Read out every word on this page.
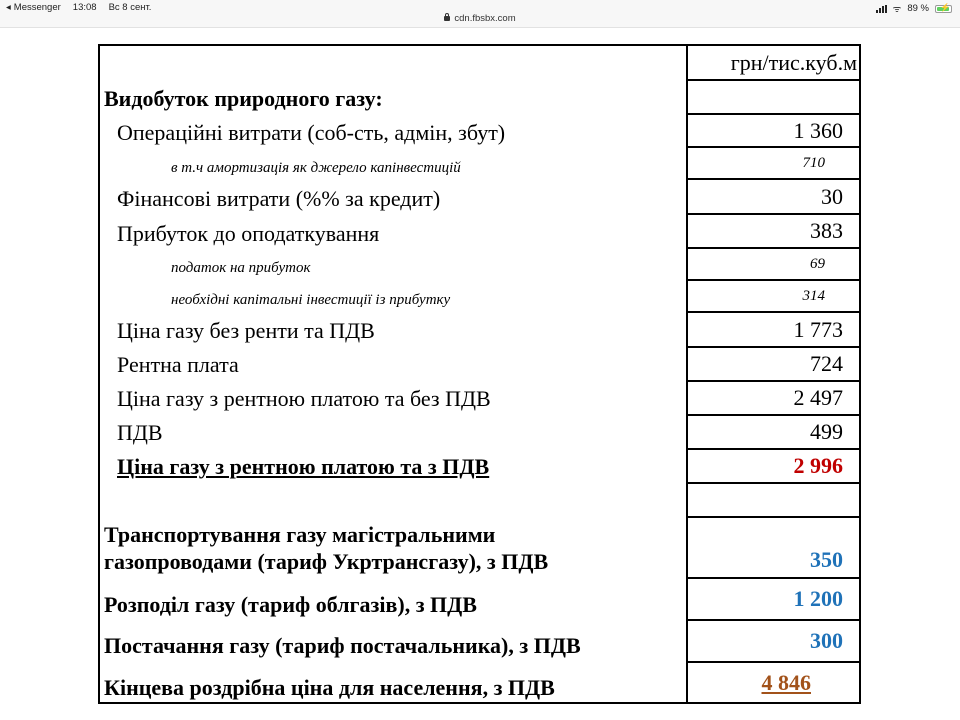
◂ Messenger 13:08 Вс 8 сент.
cdn.fbsbx.com
ᯤ 89 % ⚡
Видобуток природного газу:
Операційні витрати (соб-сть, адмін, збут)
в т.ч амортизація як джерело капінвестицій
Фінансові витрати (%% за кредит)
Прибуток до оподаткування
податок на прибуток
необхідні капітальні інвестиції із прибутку
Ціна газу без ренти та ПДВ
Рентна плата
Ціна газу з рентною платою та без ПДВ
ПДВ
Ціна газу з рентною платою та з ПДВ
Транспортування газу магістральними
газопроводами (тариф Укртрансгазу), з ПДВ
Розподіл газу (тариф облгазів), з ПДВ
Постачання газу (тариф постачальника), з ПДВ
Кінцева роздрібна ціна для населення, з ПДВ
грн/тис.куб.м
1 360
710
30
383
69
314
1 773
724
2 497
499
2 996
350
1 200
300
4 846
